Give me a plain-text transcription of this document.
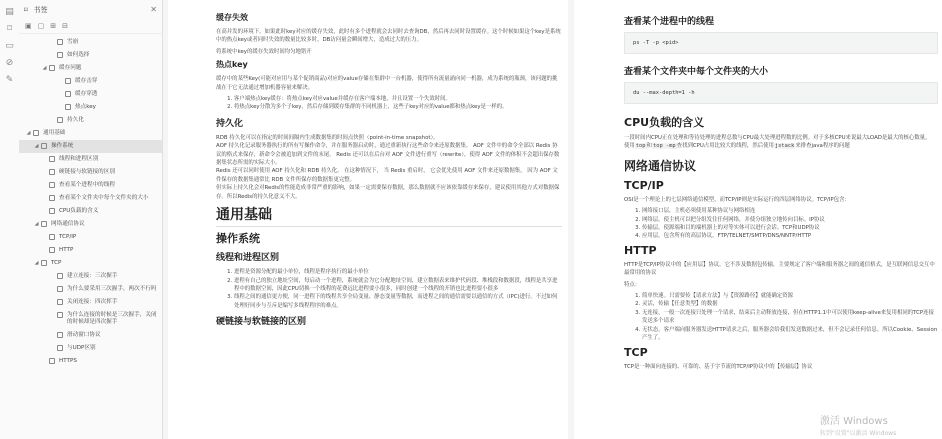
▤
⌑
▭
⊘
✎
⌑ 书签	✕
▣ ▢ ⊞ ⊟
雪崩
如何选择
◢ 缓存问题
缓存击穿
缓存穿透
热点key
持久化
◢ 通用基础
◢ 操作系统
线程和进程区别
硬链接与软链接的区别
查看某个进程中的线程
查看某个文件夹中每个文件夹的大小
CPU负载的含义
◢ 网络通信协议
TCP/IP
HTTP
◢ TCP
建立连接：三次握手
为什么要采用三次握手，两次不行吗
关闭连接：四次挥手
为什么连接的时候是三次握手，关闭的时候却是四次握手
滑动窗口协议
与UDP区别
HTTPS
缓存失效

在高并发的环境下，如果此时key对应的缓存失效，此时有多个进程就会去同时去查询DB，然后再去同时设置缓存。这个时候如果这个key是系统中的热点key或者同时失效的数量比较多时，DB访问量会瞬间增大，造成过大的压力。

将系统中key的缓存失效时间均匀地错开

热点key

缓存中的某些Key(可能对应用与某个促销商品)对应的value存储在集群中一台机器，使得所有流量涌向同一机器，成为系统的瓶颈，该问题的挑战在于它无法通过增加机器容量来解决。

1. 客户端热点key缓存：将热点key对应value并缓存在客户端本地，并且设置一个失效时间。
2. 将热点key分散为多个子key，然后存储到缓存集群的不同机器上，这些子key对应的value都和热点key是一样的。
持久化

RDB 持久化可以在指定的时间间隔内生成数据集的时间点快照（point-in-time snapshot）。

AOF 持久化记录服务器执行的所有写操作命令，并在服务器启动时，通过重新执行这些命令来还原数据集。 AOF 文件中的命令全部以 Redis 协议的格式来保存，新命令会被追加到文件的末尾。 Redis 还可以在后台对 AOF 文件进行重写（rewrite），使得 AOF 文件的体积不会超出保存数据集状态所需的实际大小。

Redis 还可以同时使用 AOF 持久化和 RDB 持久化。 在这种情况下， 当 Redis 重启时， 它会优先使用 AOF 文件来还原数据集， 因为 AOF 文件保存的数据集通常比 RDB 文件所保存的数据集更完整。

但实际上持久化会对Redis的性能造成非常严重的影响，如果一定需要保存数据，那么数据就不应该依靠缓存来保存，建议使用其他方式对数据保存。所以Redis的持久化意义不大。

通用基础
操作系统
线程和进程区别
1. 进程是资源分配的最小单位，线程是程序执行的最小单位
2. 进程有自己的独立地址空间，每启动一个进程，系统就会为它分配地址空间，建立数据表来维护代码段、堆栈段和数据段，线程是共享进程中的数据空间，因此CPU切换一个线程的花费远比进程要小很多，同时创建一个线程的开销也比进程要小很多
3. 线程之间的通信更方便，同一进程下的线程共享全局变量、静态变量等数据，而进程之间的通信需要以通信的方式（IPC)进行。不过如何处理好同步与互斥是编写多线程程序的难点。
硬链接与软链接的区别
查看某个进程中的线程
ps -T -p <pid>
查看某个文件夹中每个文件夹的大小
du --max-depth=1 -h
CPU负载的含义

一段时间内CPU正在处理和等待处理的进程总数与CPU最大处理进程数的比例。对于多核CPU来说最大LOAD是最大的核心数量。

使用top和top -mp查找到CPU占用比较大的线程，然后使用jstack来排查java程序的问题

网络通信协议
TCP/IP

OSI是一个理论上的七层网络通信模型，而TCP/IP则是实际运行的四层网络协议。TCP/IP包含：

1. 网络接口层，主机必须使用某种协议与网络相连
2. 网络层，使主机可以把分组发往任何网络，并使分组独立地传向目标。IP协议
3. 传输层，使源端和目的端机器上的对等实体可以进行会话。TCP和UDP协议
4. 应用层，包含所有的高层协议，FTP/TELNET/SMTP/DNS/NNTP/HTTP
HTTP

HTTP是TCP/IP协议中的【应用层】协议。它不涉及数据包传输，主要规定了客户端和服务器之间的通信格式，是互联网信息交互中最常用的协议

特点：

1. 简单快速。只需要传【请求方法】与【资源路径】就能确定资源
2. 灵活，传输【任意类型】的数据
3. 无连接，一般一次连接只处理一个请求，结束后主动释放连接，但在HTTP1.1中可以使用keep-alive来复用相同的TCP连接发送多个请求
4. 无状态，客户端向服务器发送HTTP请求之后，服务器会给我们发送数据过来，但不会记录任何信息。所以Cookie、Session产生了。
TCP

TCP是一种面向连接的、可靠的、基于字节流的TCP/IP协议中的【传输层】协议

激活 Windows
转到"设置"以激活 Windows
